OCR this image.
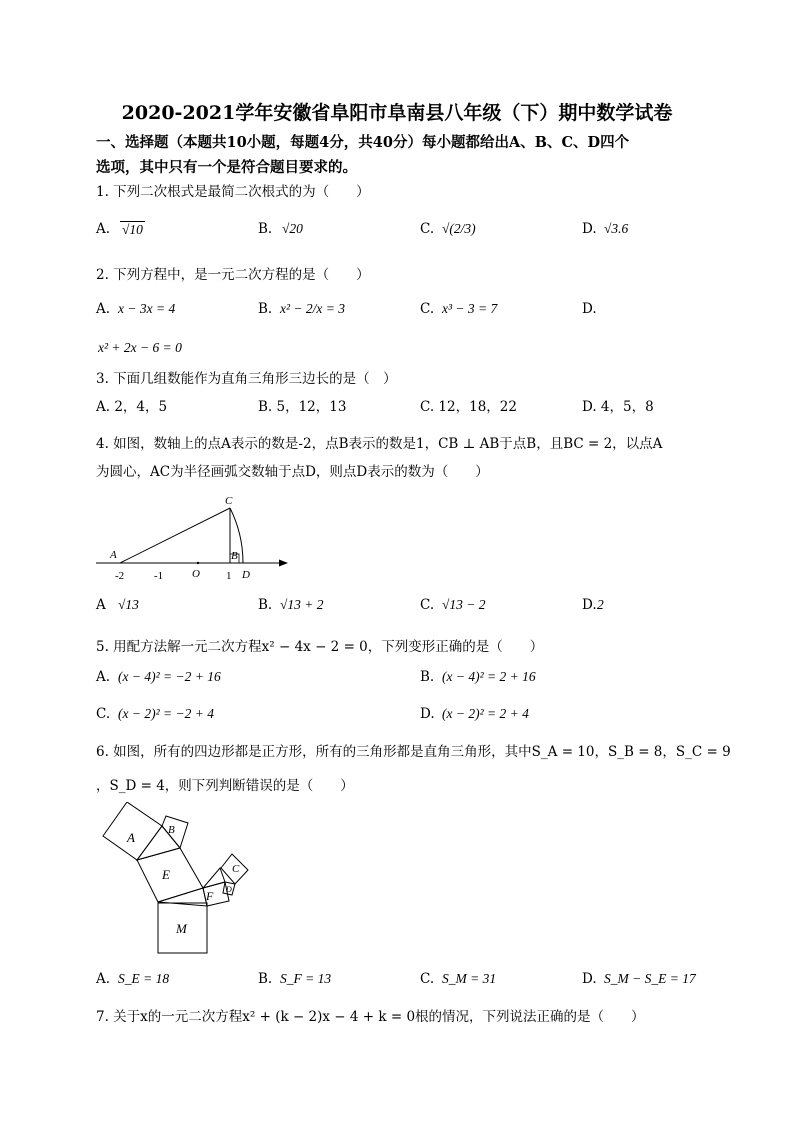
2020-2021学年安徽省阜阳市阜南县八年级（下）期中数学试卷
一、选择题（本题共10小题，每题4分，共40分）每小题都给出A、B、C、D四个
选项，其中只有一个是符合题目要求的。
1. 下列二次根式是最简二次根式的为（　　）
A. √10	B. √20	C. √(2/3)	D. √3.6
2. 下列方程中，是一元二次方程的是（　　）
A. x − 3x = 4	B. x² − 2/x = 3	C. x³ − 3 = 7	D.
x² + 2x − 6 = 0
3. 下面几组数能作为直角三角形三边长的是（　）
A. 2，4，5	B. 5，12，13	C. 12，18，22	D. 4，5，8
4. 如图，数轴上的点A表示的数是-2，点B表示的数是1，CB ⊥ AB于点B，且BC = 2，以点A
为圆心，AC为半径画弧交数轴于点D，则点D表示的数为（　　）
A	B
C
D
O
-2	-1	1
A √13	B. √13 + 2	C. √13 − 2	D. 2
5. 用配方法解一元二次方程x² − 4x − 2 = 0，下列变形正确的是（　　）
A. (x − 4)² = −2 + 16	B. (x − 4)² = 2 + 16
C. (x − 2)² = −2 + 4	D. (x − 2)² = 2 + 4
6. 如图，所有的四边形都是正方形，所有的三角形都是直角三角形，其中S_A = 10，S_B = 8，S_C = 9
，S_D = 4，则下列判断错误的是（　　）
A	B
C
D
E
F
M
A. S_E = 18	B. S_F = 13	C. S_M = 31	D. S_M − S_E = 17
7. 关于x的一元二次方程x² + (k − 2)x − 4 + k = 0根的情况，下列说法正确的是（　　）
